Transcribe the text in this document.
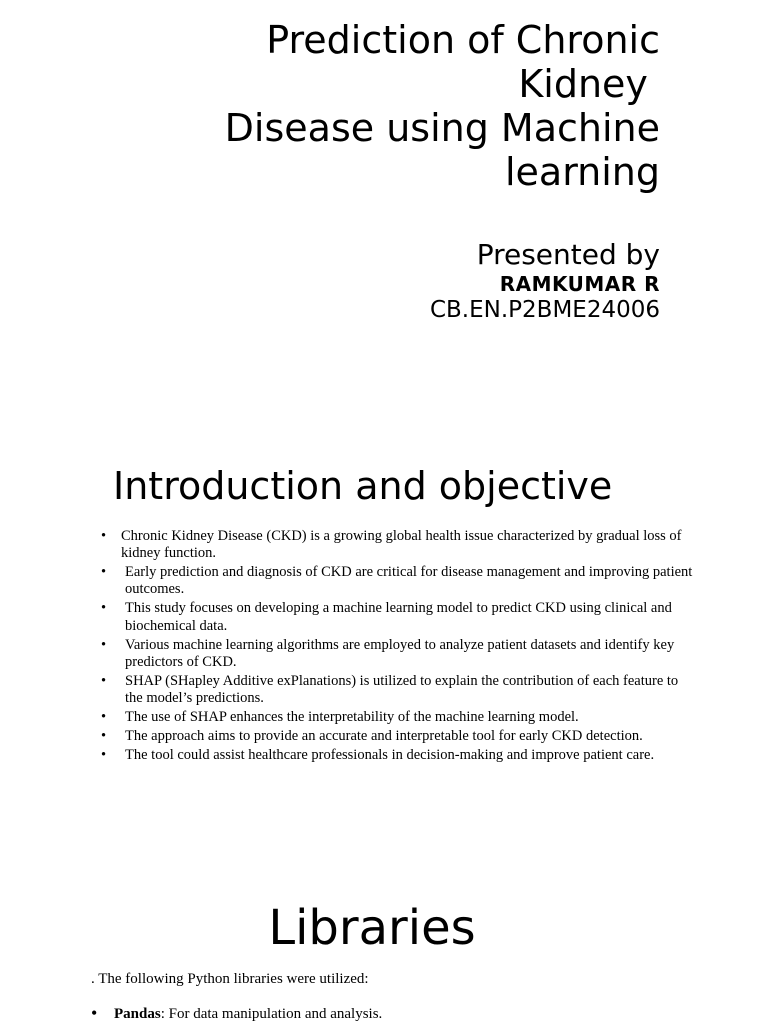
Prediction of Chronic
Kidney
Disease using Machine
learning
Presented by
RAMKUMAR R
CB.EN.P2BME24006
Introduction and objective
• Chronic Kidney Disease (CKD) is a growing global health issue characterized by gradual loss of kidney function.
• Early prediction and diagnosis of CKD are critical for disease management and improving patient outcomes.
• This study focuses on developing a machine learning model to predict CKD using clinical and biochemical data.
• Various machine learning algorithms are employed to analyze patient datasets and identify key predictors of CKD.
• SHAP (SHapley Additive exPlanations) is utilized to explain the contribution of each feature to the model’s predictions.
• The use of SHAP enhances the interpretability of the machine learning model.
• The approach aims to provide an accurate and interpretable tool for early CKD detection.
• The tool could assist healthcare professionals in decision-making and improve patient care.
Libraries
. The following Python libraries were utilized:
• Pandas: For data manipulation and analysis.
